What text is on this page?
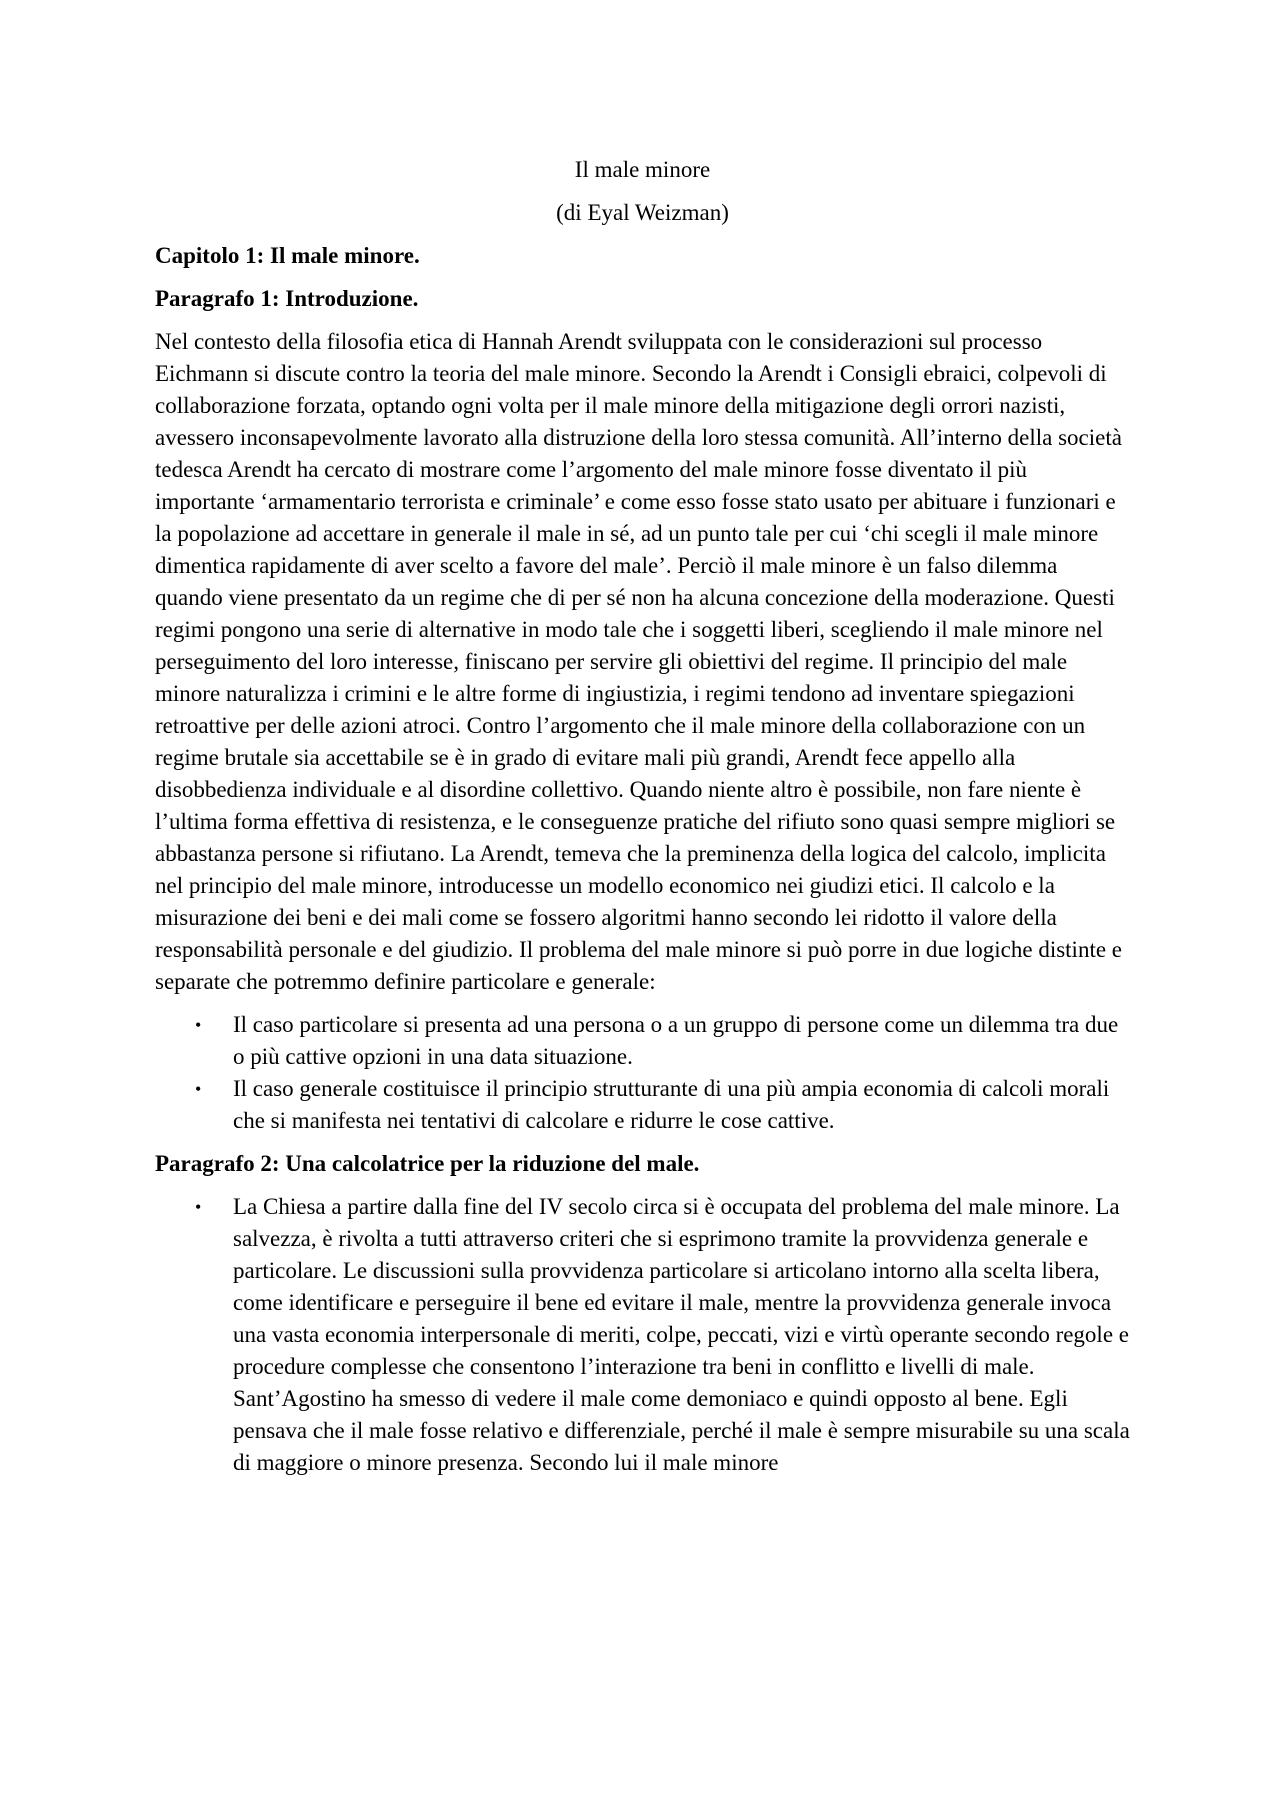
Il male minore
(di Eyal Weizman)
Capitolo 1: Il male minore.
Paragrafo 1: Introduzione.
Nel contesto della filosofia etica di Hannah Arendt sviluppata con le considerazioni sul processo Eichmann si discute contro la teoria del male minore. Secondo la Arendt i Consigli ebraici, colpevoli di collaborazione forzata, optando ogni volta per il male minore della mitigazione degli orrori nazisti, avessero inconsapevolmente lavorato alla distruzione della loro stessa comunità. All’interno della società tedesca Arendt ha cercato di mostrare come l’argomento del male minore fosse diventato il più importante ‘armamentario terrorista e criminale’ e come esso fosse stato usato per abituare i funzionari e la popolazione ad accettare in generale il male in sé, ad un punto tale per cui ‘chi scegli il male minore dimentica rapidamente di aver scelto a favore del male’. Perciò il male minore è un falso dilemma quando viene presentato da un regime che di per sé non ha alcuna concezione della moderazione. Questi regimi pongono una serie di alternative in modo tale che i soggetti liberi, scegliendo il male minore nel perseguimento del loro interesse, finiscano per servire gli obiettivi del regime. Il principio del male minore naturalizza i crimini e le altre forme di ingiustizia, i regimi tendono ad inventare spiegazioni retroattive per delle azioni atroci. Contro l’argomento che il male minore della collaborazione con un regime brutale sia accettabile se è in grado di evitare mali più grandi, Arendt fece appello alla disobbedienza individuale e al disordine collettivo. Quando niente altro è possibile, non fare niente è l’ultima forma effettiva di resistenza, e le conseguenze pratiche del rifiuto sono quasi sempre migliori se abbastanza persone si rifiutano. La Arendt, temeva che la preminenza della logica del calcolo, implicita nel principio del male minore, introducesse un modello economico nei giudizi etici. Il calcolo e la misurazione dei beni e dei mali come se fossero algoritmi hanno secondo lei ridotto il valore della responsabilità personale e del giudizio. Il problema del male minore si può porre in due logiche distinte e separate che potremmo definire particolare e generale:
• Il caso particolare si presenta ad una persona o a un gruppo di persone come un dilemma tra due o più cattive opzioni in una data situazione.
• Il caso generale costituisce il principio strutturante di una più ampia economia di calcoli morali che si manifesta nei tentativi di calcolare e ridurre le cose cattive.
Paragrafo 2: Una calcolatrice per la riduzione del male.
• La Chiesa a partire dalla fine del IV secolo circa si è occupata del problema del male minore. La salvezza, è rivolta a tutti attraverso criteri che si esprimono tramite la provvidenza generale e particolare. Le discussioni sulla provvidenza particolare si articolano intorno alla scelta libera, come identificare e perseguire il bene ed evitare il male, mentre la provvidenza generale invoca una vasta economia interpersonale di meriti, colpe, peccati, vizi e virtù operante secondo regole e procedure complesse che consentono l’interazione tra beni in conflitto e livelli di male.
Sant’Agostino ha smesso di vedere il male come demoniaco e quindi opposto al bene. Egli pensava che il male fosse relativo e differenziale, perché il male è sempre misurabile su una scala di maggiore o minore presenza. Secondo lui il male minore
